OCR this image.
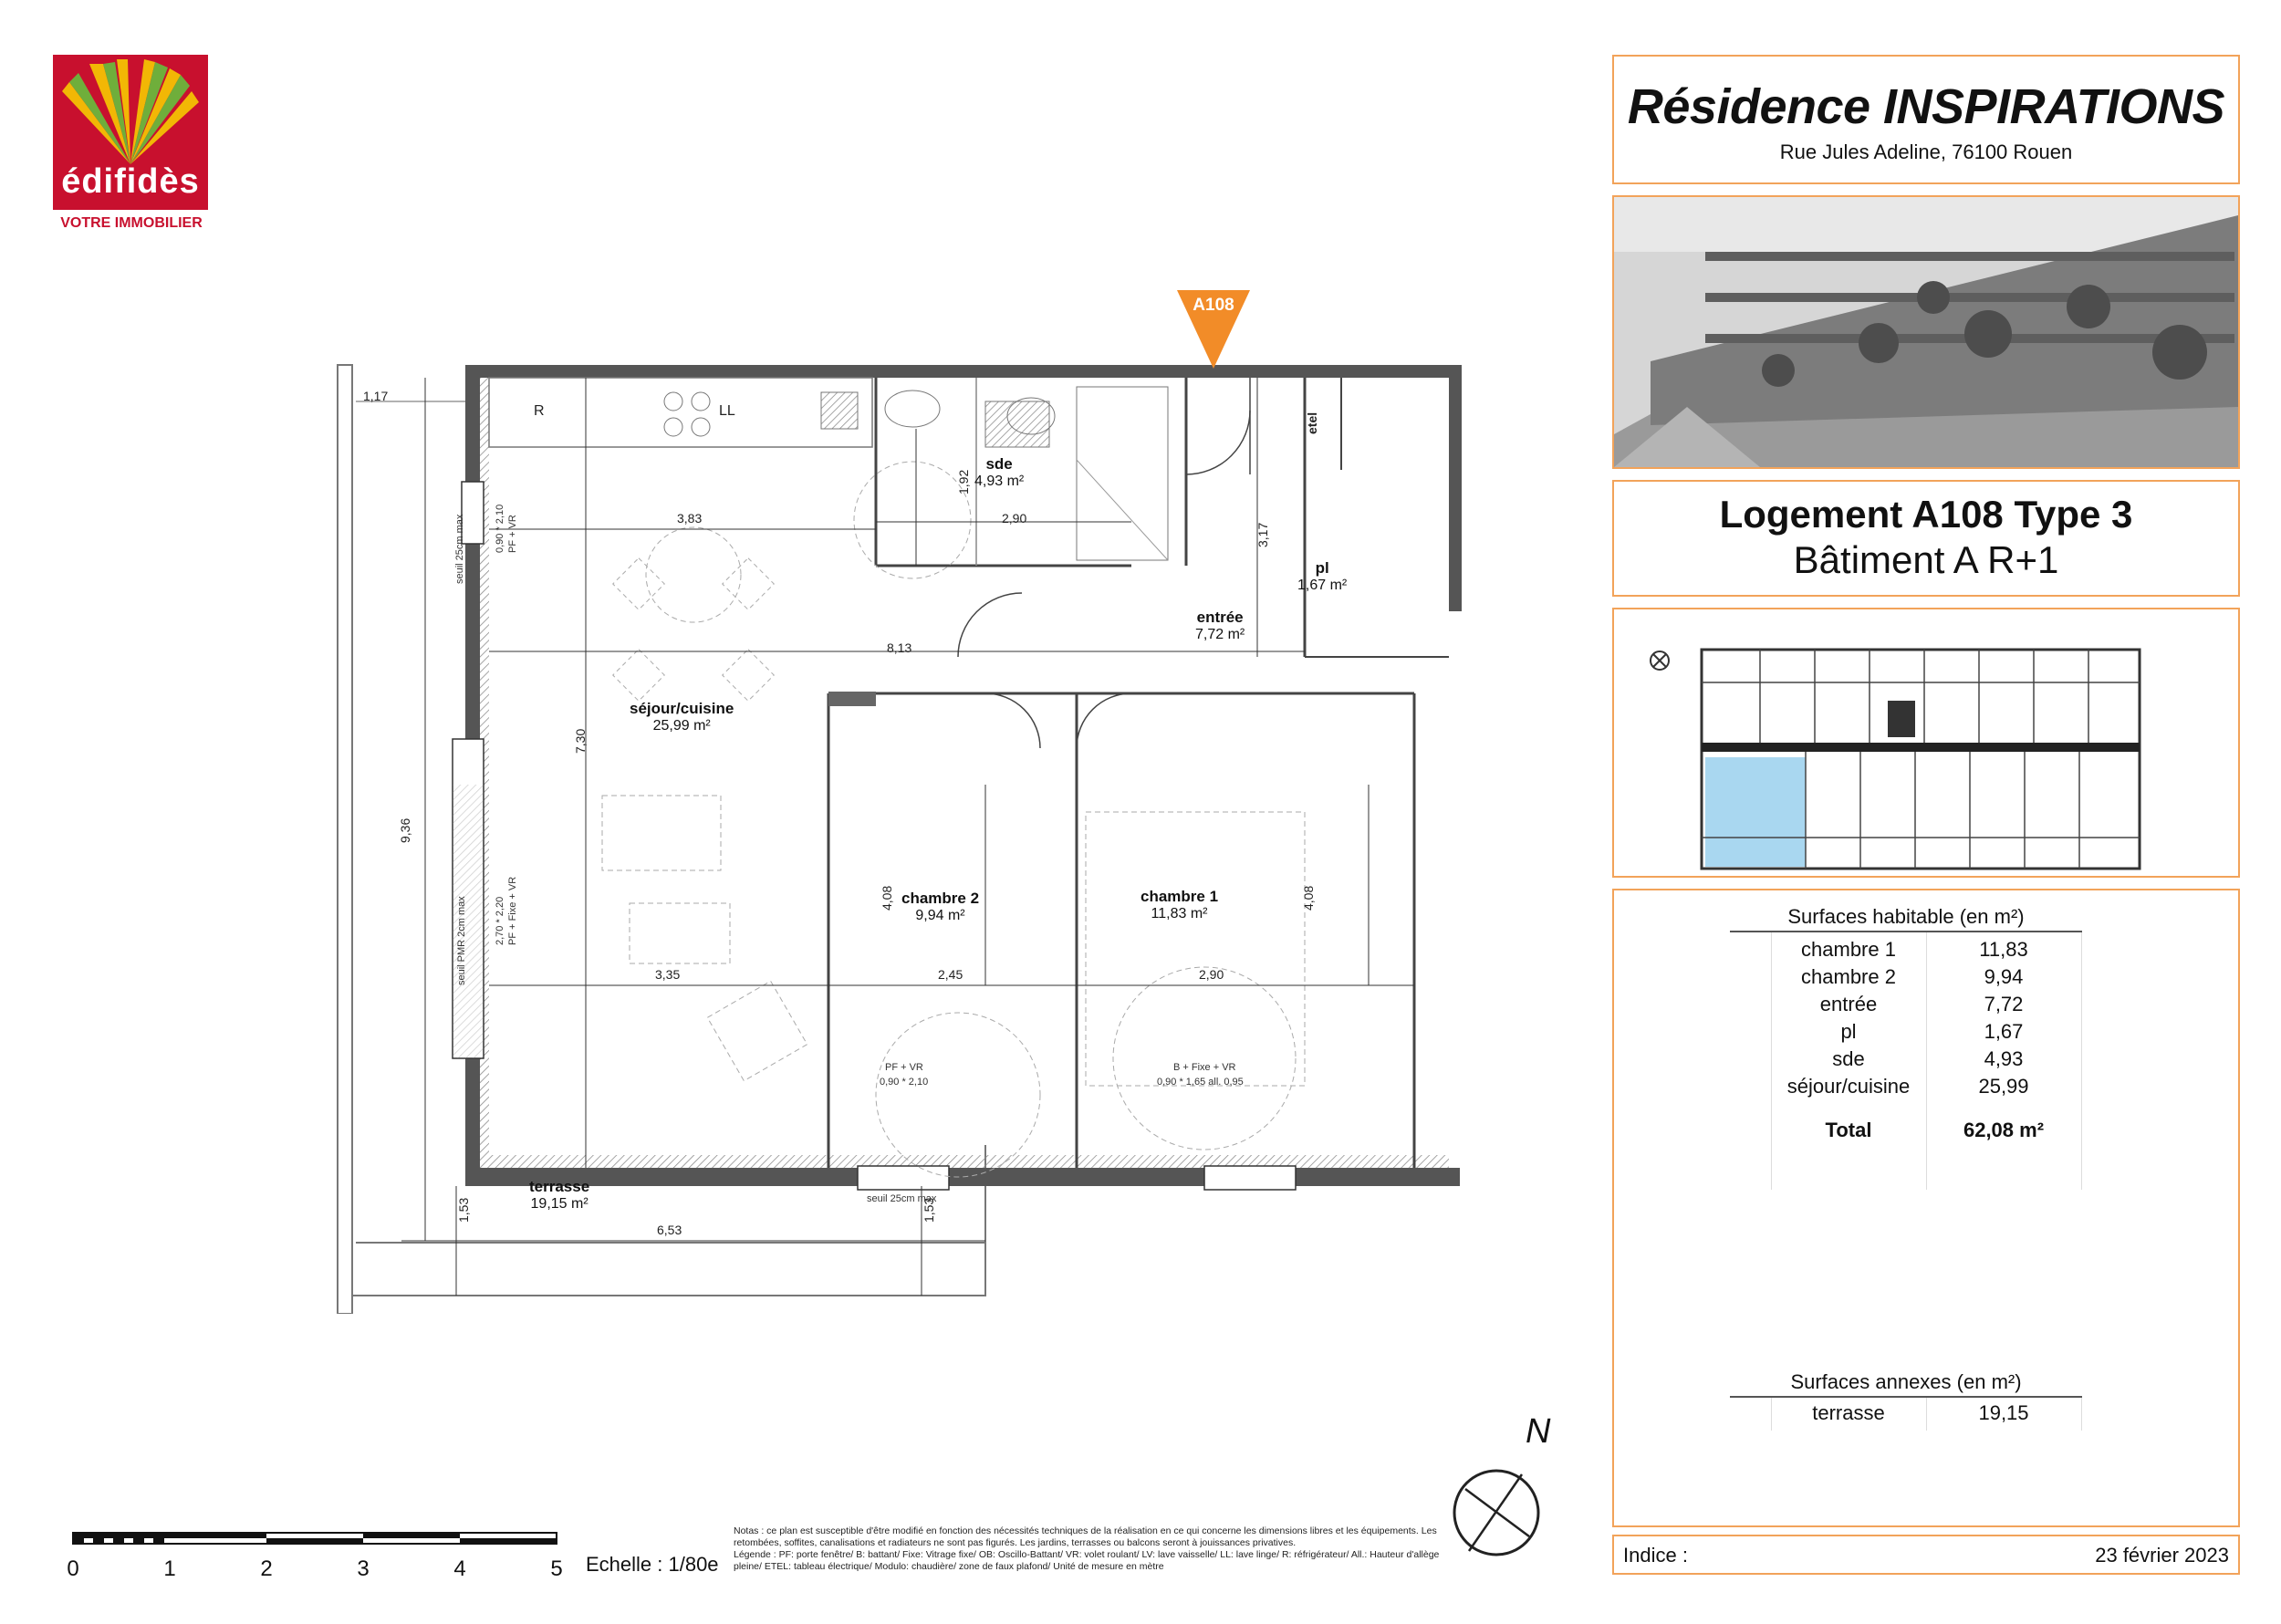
édifidès
VOTRE IMMOBILIER
A108
sde
4,93 m²
entrée
7,72 m²
pl
1,67 m²
séjour/cuisine
25,99 m²
chambre 2
9,94 m²
chambre 1
11,83 m²
terrasse
19,15 m²
R	LL
etel
1,17
3,83	2,90
8,13
1,92
3,17
7,30
9,36
3,35	2,45	2,90
4,08	4,08
1,53	1,53
6,53
PF + VR
0,90 * 2,10
PF + Fixe + VR
2,70 * 2,20
PF + VR
0,90 * 2,10
B + Fixe + VR
0,90 * 1,65 all. 0,95
seuil 25cm max
seuil PMR 2cm max
seuil 25cm max
Résidence INSPIRATIONS
Rue Jules Adeline, 76100 Rouen
Logement A108 Type 3
Bâtiment A R+1
Surfaces habitable (en m²)
chambre 1	11,83
chambre 2	9,94
entrée	7,72
pl	1,67
sde	4,93
séjour/cuisine	25,99
Total	62,08 m²
Surfaces annexes (en m²)
terrasse	19,15
Indice :	23 février 2023
0	1	2	3	4	5 Echelle : 1/80e
Notas : ce plan est susceptible d'être modifié en fonction des nécessités techniques de la réalisation en ce qui concerne les dimensions libres et les équipements. Les retombées, soffites, canalisations et radiateurs ne sont pas figurés. Les jardins, terrasses ou balcons seront à jouissances privatives.
Légende : PF: porte fenêtre/ B: battant/ Fixe: Vitrage fixe/ OB: Oscillo-Battant/ VR: volet roulant/ LV: lave vaisselle/ LL: lave linge/ R: réfrigérateur/ All.: Hauteur d'allège pleine/ ETEL: tableau électrique/ Modulo: chaudière/ zone de faux plafond/ Unité de mesure en mètre
N
